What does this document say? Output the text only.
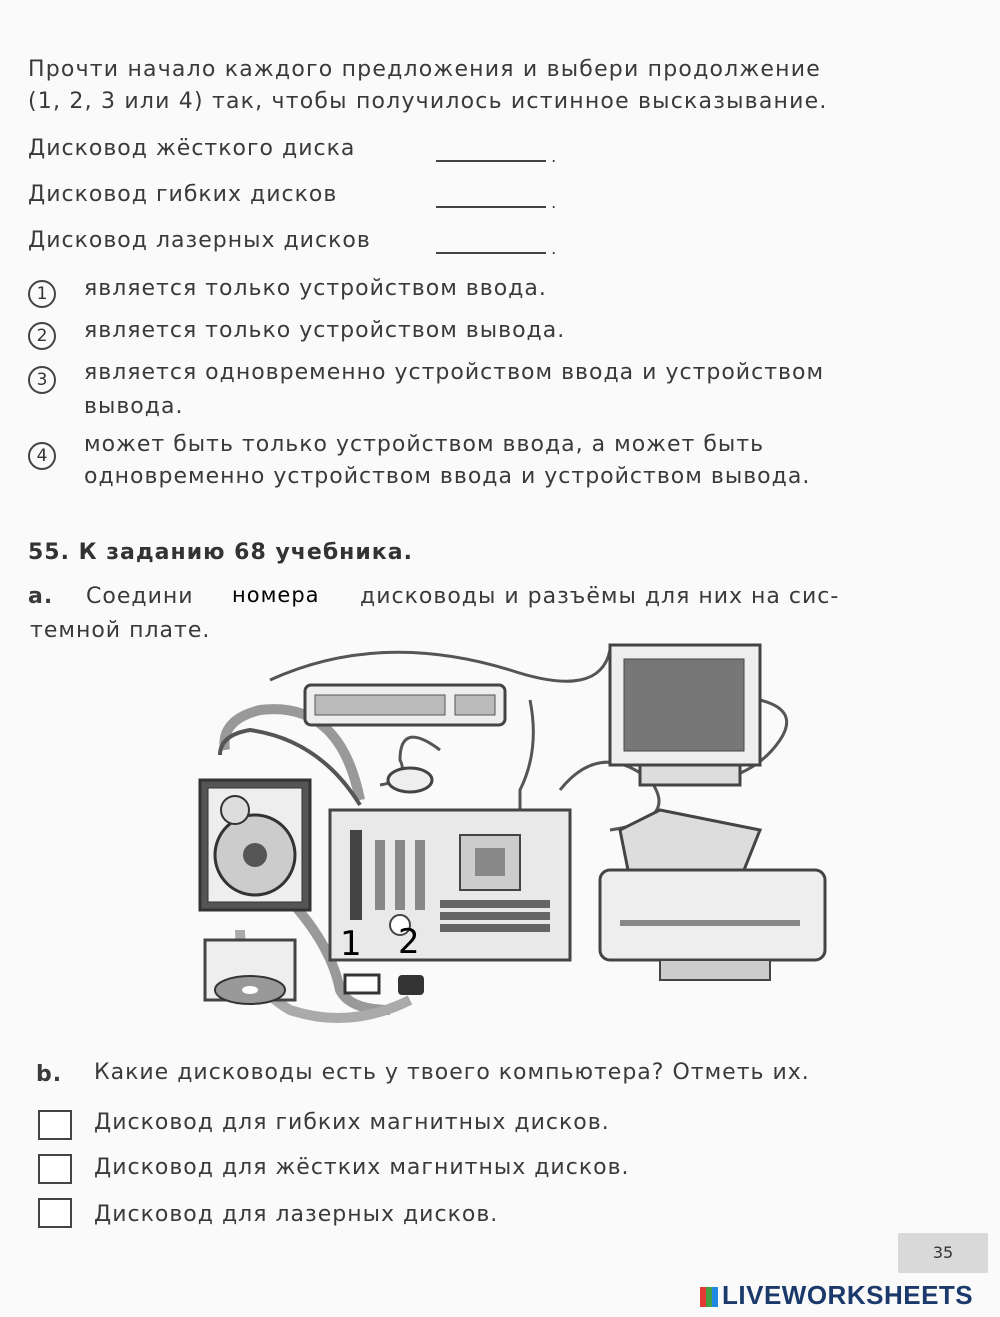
Прочти начало каждого предложения и выбери продолжение
(1, 2, 3 или 4) так, чтобы получилось истинное высказывание.
Дисковод жёсткого диска	.
Дисковод гибких дисков	.
Дисковод лазерных дисков	.
1	является только устройством ввода.
2	является только устройством вывода.
3	является одновременно устройством ввода и устройством
вывода.
4	может быть только устройством ввода, а может быть
одновременно устройством ввода и устройством вывода.
55. К заданию 68 учебника.
а. Соедини номера дисководы и разъёмы для них на сис-
темной плате.
1 2
b. Какие дисководы есть у твоего компьютера? Отметь их.
Дисковод для гибких магнитных дисков.
Дисковод для жёстких магнитных дисков.
Дисковод для лазерных дисков.
35
LIVEWORKSHEETS
